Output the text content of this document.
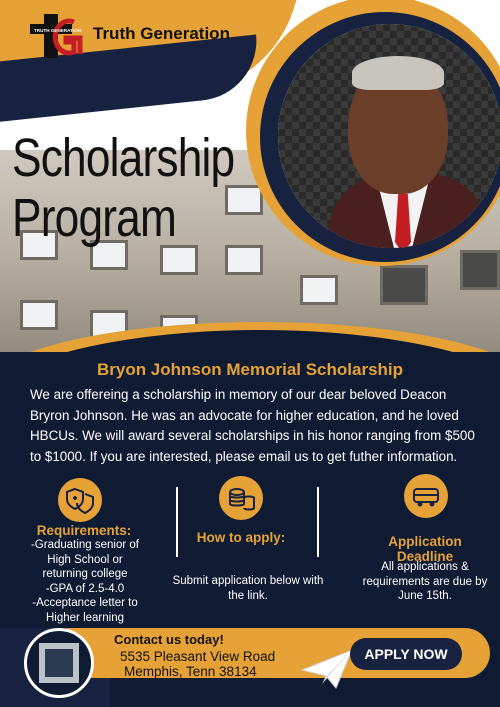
TRUTH GENERATION Truth Generation
Scholarship
Program
Bryon Johnson Memorial Scholarship
We are offereing a scholarship in memory of our dear beloved Deacon Bryron Johnson. He was an advocate for higher education, and he loved HBCUs. We will award several scholarships in his honor ranging from $500 to $1000. If you are interested, please email us to get futher information.
Requirements:
-Graduating senior of High School or returning college
-GPA of 2.5-4.0
-Acceptance letter to Higher learning
How to apply:
Submit application below with the link.
Application Deadline
All applications & requirements are due by June 15th.
Contact us today!
5535 Pleasant View Road
Memphis, Tenn 38134
APPLY NOW
